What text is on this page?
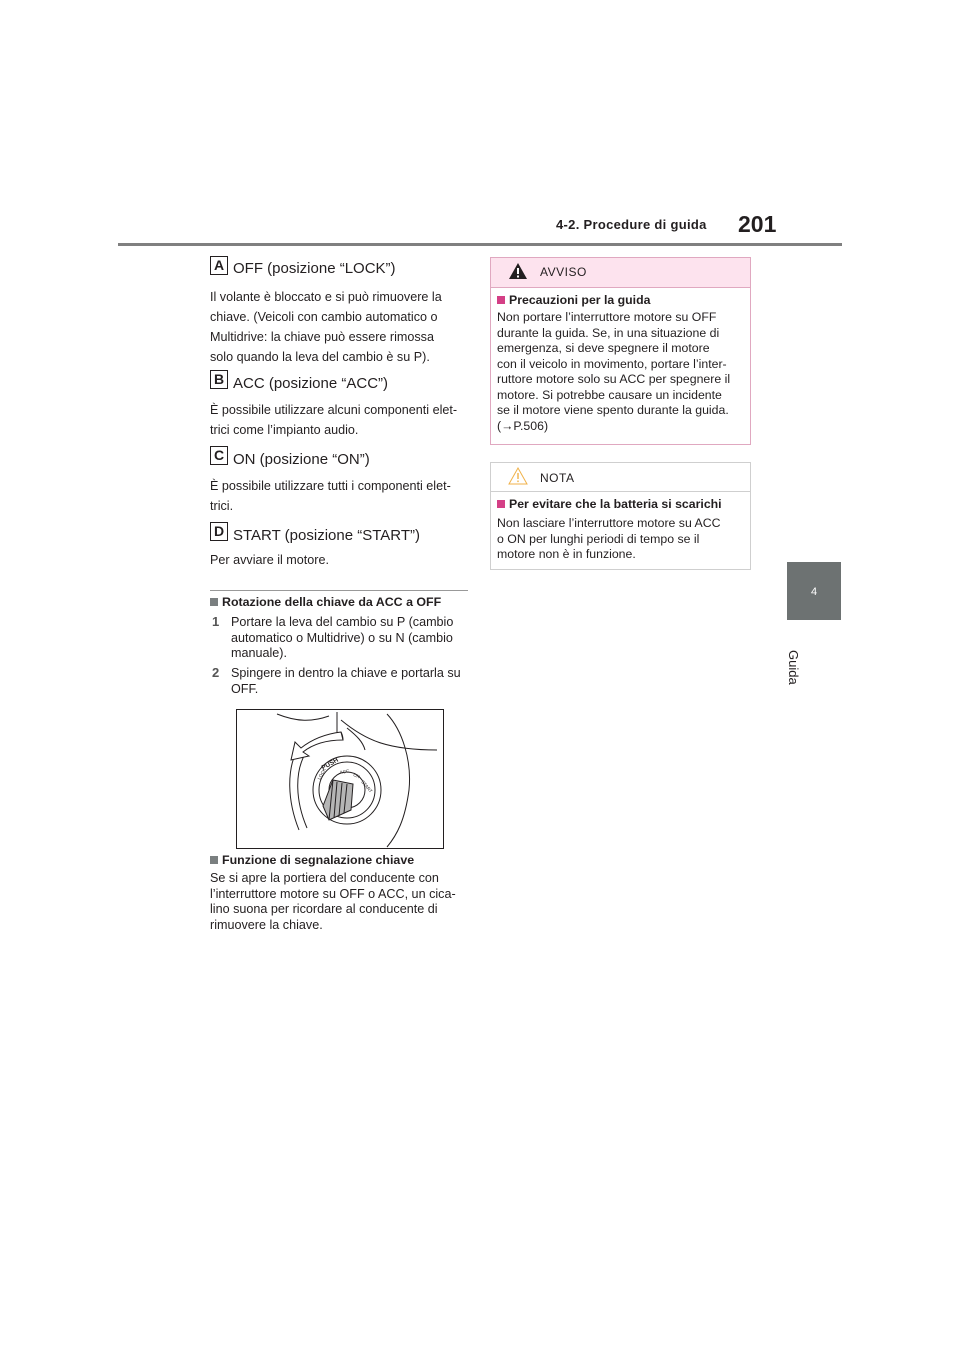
4-2. Procedure di guida 201
4
Guida
A OFF (posizione “LOCK”)
Il volante è bloccato e si può rimuovere la
chiave. (Veicoli con cambio automatico o
Multidrive: la chiave può essere rimossa
solo quando la leva del cambio è su P).
B ACC (posizione “ACC”)
È possibile utilizzare alcuni componenti elet-
trici come l’impianto audio.
C ON (posizione “ON”)
È possibile utilizzare tutti i componenti elet-
trici.
D START (posizione “START”)
Per avviare il motore.
Rotazione della chiave da ACC a OFF
1 Portare la leva del cambio su P (cambio
automatico o Multidrive) o su N (cambio
manuale).
2 Spingere in dentro la chiave e portarla su
OFF.
PUSH
LOCK	ACC
ON
START
Funzione di segnalazione chiave
Se si apre la portiera del conducente con
l’interruttore motore su OFF o ACC, un cica-
lino suona per ricordare al conducente di
rimuovere la chiave.
AVVISO
Precauzioni per la guida
Non portare l’interruttore motore su OFF
durante la guida. Se, in una situazione di
emergenza, si deve spegnere il motore
con il veicolo in movimento, portare l’inter-
ruttore motore solo su ACC per spegnere il
motore. Si potrebbe causare un incidente
se il motore viene spento durante la guida.
(→P.506)
NOTA
Per evitare che la batteria si scarichi
Non lasciare l’interruttore motore su ACC
o ON per lunghi periodi di tempo se il
motore non è in funzione.
